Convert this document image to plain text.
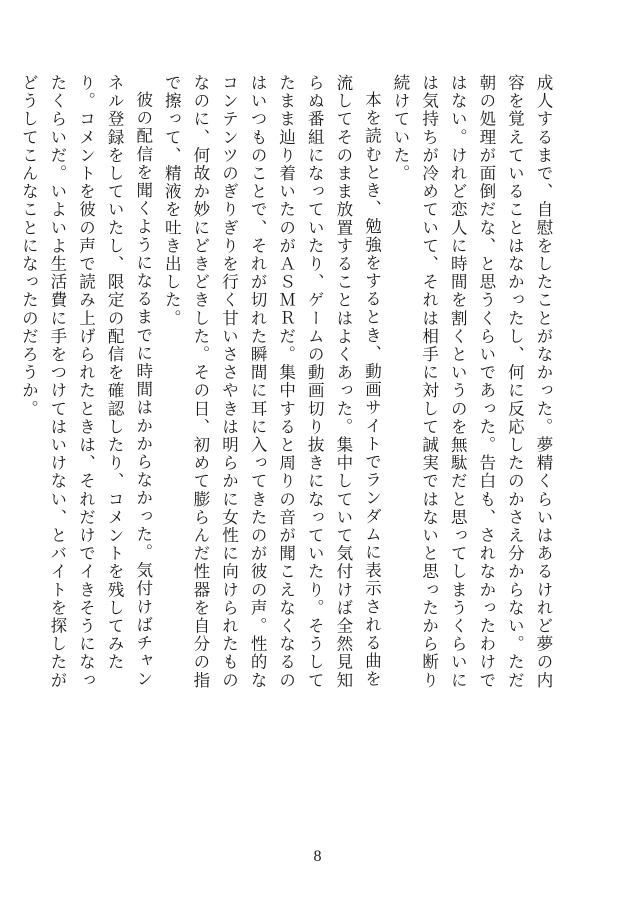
成人するまで、自慰をしたことがなかった。夢精くらいはあるけれど夢の内容を覚えていることはなかったし、何に反応したのかさえ分からない。ただ朝の処理が面倒だな、と思うくらいであった。告白も、されなかったわけではない。けれど恋人に時間を割くというのを無駄だと思ってしまうくらいには気持ちが冷めていて、それは相手に対して誠実ではないと思ったから断り続けていた。

本を読むとき、勉強をするとき、動画サイトでランダムに表示される曲を流してそのまま放置することはよくあった。集中していて気付けば全然見知らぬ番組になっていたり、ゲームの動画切り抜きになっていたり。そうしてたまま辿り着いたのがＡＳＭＲだ。集中すると周りの音が聞こえなくなるのはいつものことで、それが切れた瞬間に耳に入ってきたのが彼の声。性的なコンテンツのぎりぎりを行く甘いささやきは明らかに女性に向けられたものなのに、何故か妙にどきどきした。その日、初めて膨らんだ性器を自分の指で擦って、精液を吐き出した。

彼の配信を聞くようになるまでに時間はかからなかった。気付けばチャンネル登録をしていたし、限定の配信を確認したり、コメントを残してみたり。コメントを彼の声で読み上げられたときは、それだけでイきそうになったくらいだ。いよいよ生活費に手をつけてはいけない、とバイトを探したがどうしてこんなことになったのだろうか。

8
